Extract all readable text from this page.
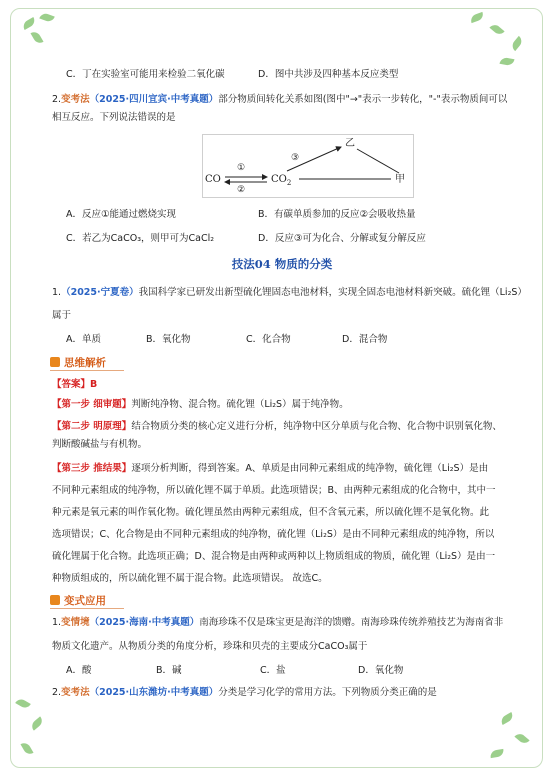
C．丁在实验室可能用来检验二氧化碳	D．图中共涉及四种基本反应类型
2.变考法（2025·四川宜宾·中考真题）部分物质间转化关系如图(图中"→"表示一步转化，"-"表示物质间可以
相互反应。下列说法错误的是
CO	$CO_2$
乙
甲
①
②
③
A．反应①能通过燃烧实现	B．有碳单质参加的反应②会吸收热量
C．若乙为CaCO₃，则甲可为CaCl₂	D．反应③可为化合、分解或复分解反应
技法04 物质的分类
1.（2025·宁夏卷）我国科学家已研发出新型硫化锂固态电池材料，实现全固态电池材料新突破。硫化锂（Li₂S）
属于
A．单质	B．氧化物	C．化合物	D．混合物
思维解析
【答案】B
【第一步 细审题】判断纯净物、混合物。硫化锂（Li₂S）属于纯净物。
【第二步 明原理】结合物质分类的核心定义进行分析，纯净物中区分单质与化合物、化合物中识别氧化物、
判断酸碱盐与有机物。
【第三步 推结果】逐项分析判断，得到答案。A、单质是由同种元素组成的纯净物，硫化锂（Li₂S）是由
不同种元素组成的纯净物，所以硫化锂不属于单质。此选项错误；B、由两种元素组成的化合物中，其中一
种元素是氧元素的叫作氧化物。硫化锂虽然由两种元素组成，但不含氧元素，所以硫化锂不是氧化物。此
选项错误；C、化合物是由不同种元素组成的纯净物，硫化锂（Li₂S）是由不同种元素组成的纯净物，所以
硫化锂属于化合物。此选项正确；D、混合物是由两种或两种以上物质组成的物质，硫化锂（Li₂S）是由一
种物质组成的，所以硫化锂不属于混合物。此选项错误。 故选C。
变式应用
1.变情境（2025·海南·中考真题）南海珍珠不仅是珠宝更是海洋的馈赠。南海珍珠传统养殖技艺为海南省非
物质文化遗产。从物质分类的角度分析，珍珠和贝壳的主要成分CaCO₃属于
A．酸	B．碱	C．盐	D．氧化物
2.变考法（2025·山东潍坊·中考真题）分类是学习化学的常用方法。下列物质分类正确的是
